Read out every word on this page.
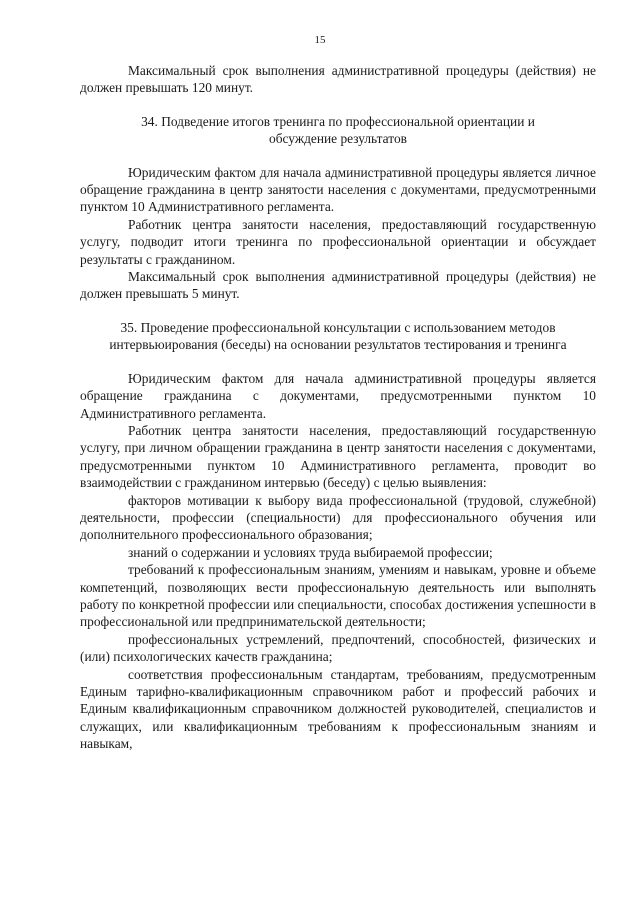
15

Максимальный срок выполнения административной процедуры (действия) не должен превышать 120 минут.

34. Подведение итогов тренинга по профессиональной ориентации и обсуждение результатов

Юридическим фактом для начала административной процедуры является личное обращение гражданина в центр занятости населения с документами, предусмотренными пунктом 10 Административного регламента.

Работник центра занятости населения, предоставляющий государственную услугу, подводит итоги тренинга по профессиональной ориентации и обсуждает результаты с гражданином.

Максимальный срок выполнения административной процедуры (действия) не должен превышать 5 минут.

35. Проведение профессиональной консультации с использованием методов интервьюирования (беседы) на основании результатов тестирования и тренинга

Юридическим фактом для начала административной процедуры является обращение гражданина с документами, предусмотренными пунктом 10 Административного регламента.

Работник центра занятости населения, предоставляющий государственную услугу, при личном обращении гражданина в центр занятости населения с документами, предусмотренными пунктом 10 Административного регламента, проводит во взаимодействии с гражданином интервью (беседу) с целью выявления:

факторов мотивации к выбору вида профессиональной (трудовой, служебной) деятельности, профессии (специальности) для профессионального обучения или дополнительного профессионального образования;

знаний о содержании и условиях труда выбираемой профессии;

требований к профессиональным знаниям, умениям и навыкам, уровне и объеме компетенций, позволяющих вести профессиональную деятельность или выполнять работу по конкретной профессии или специальности, способах достижения успешности в профессиональной или предпринимательской деятельности;

профессиональных устремлений, предпочтений, способностей, физических и (или) психологических качеств гражданина;

соответствия профессиональным стандартам, требованиям, предусмотренным Единым тарифно-квалификационным справочником работ и профессий рабочих и Единым квалификационным справочником должностей руководителей, специалистов и служащих, или квалификационным требованиям к профессиональным знаниям и навыкам,
